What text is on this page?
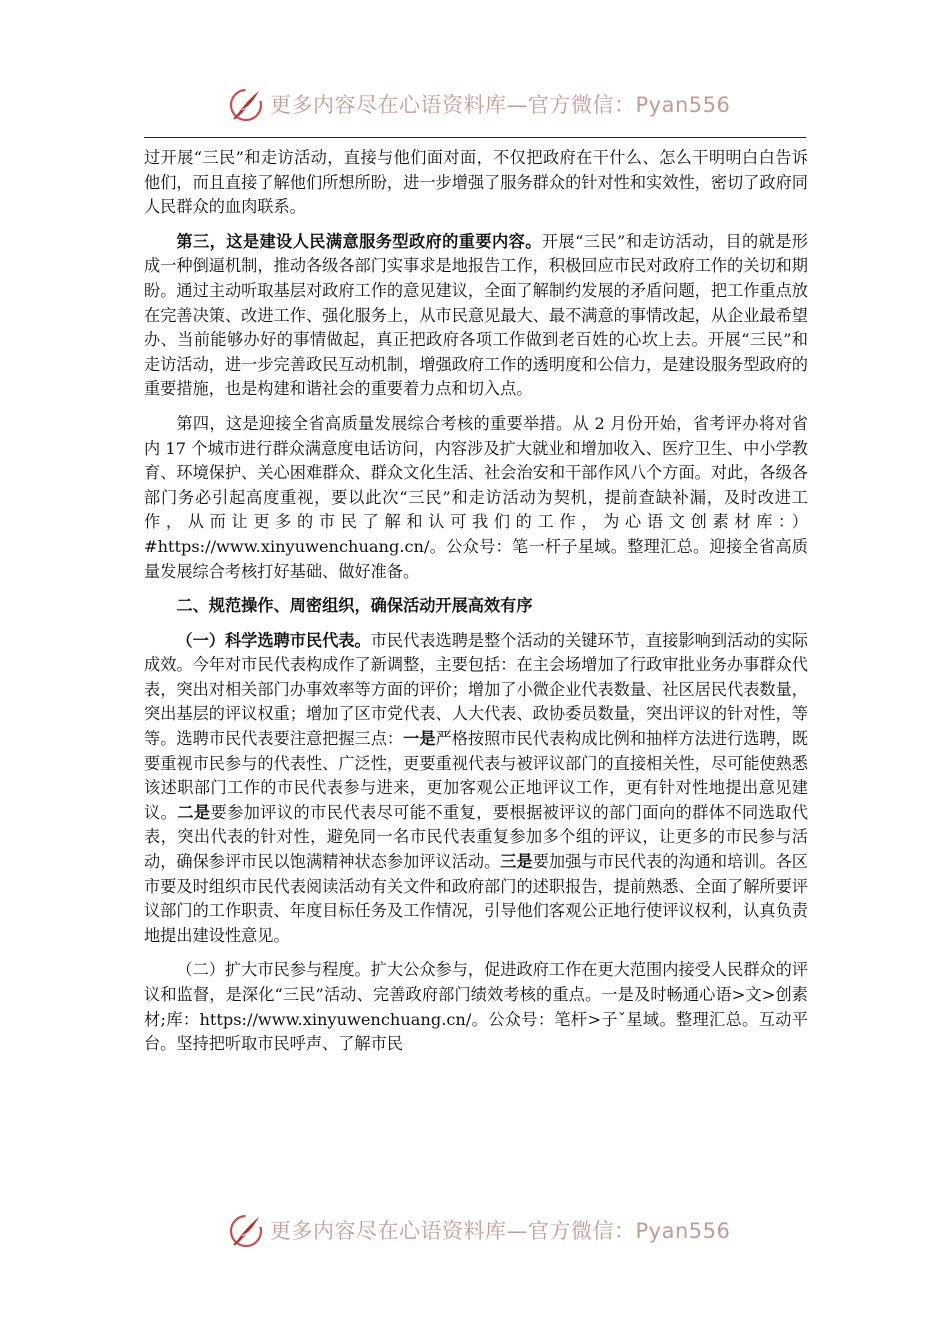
更多内容尽在心语资料库—官方微信：Pyan556

过开展“三民”和走访活动，直接与他们面对面，不仅把政府在干什么、怎么干明明白白告诉他们，而且直接了解他们所想所盼，进一步增强了服务群众的针对性和实效性，密切了政府同人民群众的血肉联系。

第三，这是建设人民满意服务型政府的重要内容。开展“三民”和走访活动，目的就是形成一种倒逼机制，推动各级各部门实事求是地报告工作，积极回应市民对政府工作的关切和期盼。通过主动听取基层对政府工作的意见建议，全面了解制约发展的矛盾问题，把工作重点放在完善决策、改进工作、强化服务上，从市民意见最大、最不满意的事情改起，从企业最希望办、当前能够办好的事情做起，真正把政府各项工作做到老百姓的心坎上去。开展“三民”和走访活动，进一步完善政民互动机制，增强政府工作的透明度和公信力，是建设服务型政府的重要措施，也是构建和谐社会的重要着力点和切入点。

第四，这是迎接全省高质量发展综合考核的重要举措。从 2 月份开始，省考评办将对省内 17 个城市进行群众满意度电话访问，内容涉及扩大就业和增加收入、医疗卫生、中小学教育、环境保护、关心困难群众、群众文化生活、社会治安和干部作风八个方面。对此，各级各部门务必引起高度重视，要以此次“三民”和走访活动为契机，提前查缺补漏，及时改进工作，从而让更多的市民了解和认可我们的工作，为心语文创素材库：）#https://www.xinyuwenchuang.cn/。公众号：笔一杆子星域。整理汇总。迎接全省高质量发展综合考核打好基础、做好准备。

二、规范操作、周密组织，确保活动开展高效有序

（一）科学选聘市民代表。市民代表选聘是整个活动的关键环节，直接影响到活动的实际成效。今年对市民代表构成作了新调整，主要包括：在主会场增加了行政审批业务办事群众代表，突出对相关部门办事效率等方面的评价；增加了小微企业代表数量、社区居民代表数量，突出基层的评议权重；增加了区市党代表、人大代表、政协委员数量，突出评议的针对性，等等。选聘市民代表要注意把握三点：一是严格按照市民代表构成比例和抽样方法进行选聘，既要重视市民参与的代表性、广泛性，更要重视代表与被评议部门的直接相关性，尽可能使熟悉该述职部门工作的市民代表参与进来，更加客观公正地评议工作，更有针对性地提出意见建议。二是要参加评议的市民代表尽可能不重复，要根据被评议的部门面向的群体不同选取代表，突出代表的针对性，避免同一名市民代表重复参加多个组的评议，让更多的市民参与活动，确保参评市民以饱满精神状态参加评议活动。三是要加强与市民代表的沟通和培训。各区市要及时组织市民代表阅读活动有关文件和政府部门的述职报告，提前熟悉、全面了解所要评议部门的工作职责、年度目标任务及工作情况，引导他们客观公正地行使评议权利，认真负责地提出建设性意见。

（二）扩大市民参与程度。扩大公众参与，促进政府工作在更大范围内接受人民群众的评议和监督，是深化“三民”活动、完善政府部门绩效考核的重点。一是及时畅通心语>文>创素材;库：https://www.xinyuwenchuang.cn/。公众号：笔杆>子ˇ星域。整理汇总。互动平台。坚持把听取市民呼声、了解市民

更多内容尽在心语资料库—官方微信：Pyan556
